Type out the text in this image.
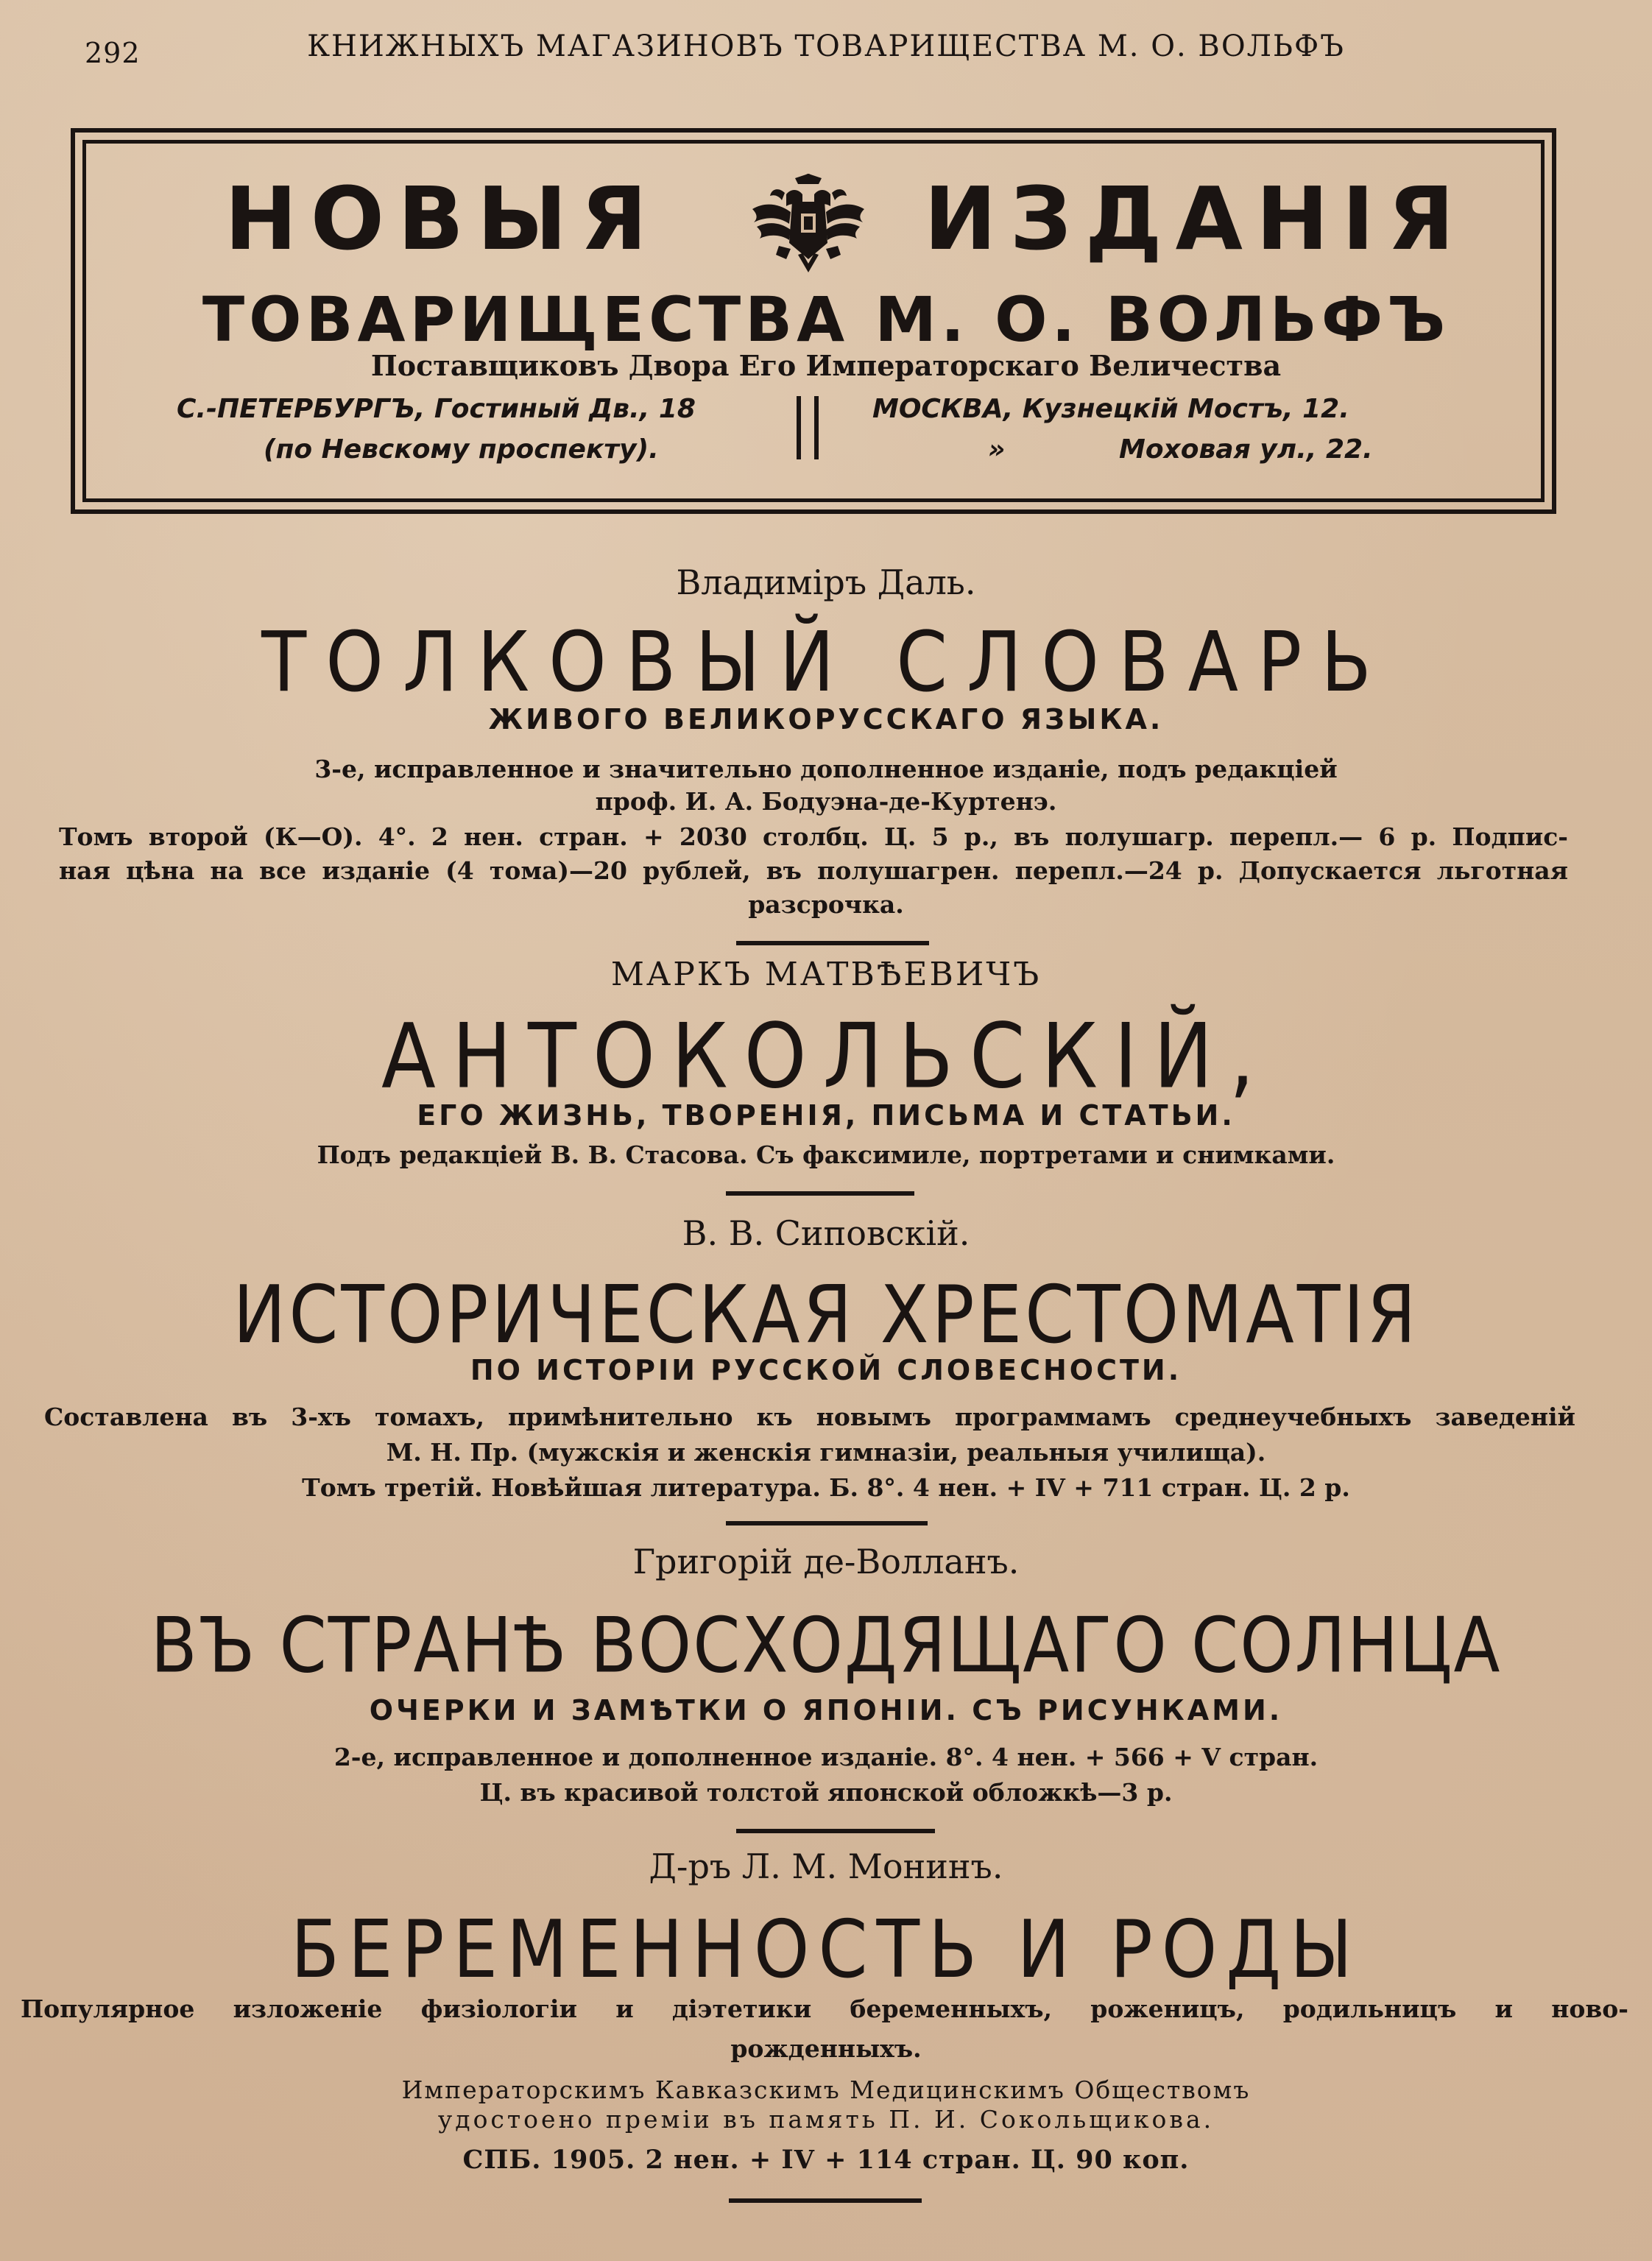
292	КНИЖНЫХЪ МАГАЗИНОВЪ ТОВАРИЩЕСТВА М. О. ВОЛЬФЪ
НОВЫЯ	ИЗДАНІЯ
ТОВАРИЩЕСТВА М. О. ВОЛЬФЪ
Поставщиковъ Двора Его Императорскаго Величества
С.-ПЕТЕРБУРГЪ, Гостиный Дв., 18
(по Невскому проспекту).
МОСКВА, Кузнецкій Мостъ, 12.
»	Моховая ул., 22.
Владиміръ Даль.
ТОЛКОВЫЙ СЛОВАРЬ
ЖИВОГО ВЕЛИКОРУССКАГО ЯЗЫКА.
3-е, исправленное и значительно дополненное изданіе, подъ редакціей
проф. И. А. Бодуэна-де-Куртенэ.
Томъ второй (К—О). 4°. 2 нен. стран. + 2030 столбц. Ц. 5 р., въ полушагр. перепл.— 6 р. Подпис-
ная цѣна на все изданіе (4 тома)—20 рублей, въ полушагрен. перепл.—24 р. Допускается льготная
разсрочка.
МАРКЪ МАТВѢЕВИЧЪ
АНТОКОЛЬСКІЙ,
ЕГО ЖИЗНЬ, ТВОРЕНІЯ, ПИСЬМА И СТАТЬИ.
Подъ редакціей В. В. Стасова. Съ факсимиле, портретами и снимками.
В. В. Сиповскій.
ИСТОРИЧЕСКАЯ ХРЕСТОМАТІЯ
ПО ИСТОРІИ РУССКОЙ СЛОВЕСНОСТИ.
Составлена въ 3-хъ томахъ, примѣнительно къ новымъ программамъ среднеучебныхъ заведеній
М. Н. Пр. (мужскія и женскія гимназіи, реальныя училища).
Томъ третій. Новѣйшая литература. Б. 8°. 4 нен. + IV + 711 стран. Ц. 2 р.
Григорій де-Волланъ.
ВЪ СТРАНѢ ВОСХОДЯЩАГО СОЛНЦА
ОЧЕРКИ И ЗАМѢТКИ О ЯПОНІИ. СЪ РИСУНКАМИ.
2-е, исправленное и дополненное изданіе. 8°. 4 нен. + 566 + V стран.
Ц. въ красивой толстой японской обложкѣ—3 р.
Д-ръ Л. М. Монинъ.
БЕРЕМЕННОСТЬ И РОДЫ
Популярное изложеніе физіологіи и діэтетики беременныхъ, роженицъ, родильницъ и ново-
рожденныхъ.
Императорскимъ Кавказскимъ Медицинскимъ Обществомъ
удостоено преміи въ память П. И. Сокольщикова.
СПБ. 1905. 2 нен. + IV + 114 стран. Ц. 90 коп.
